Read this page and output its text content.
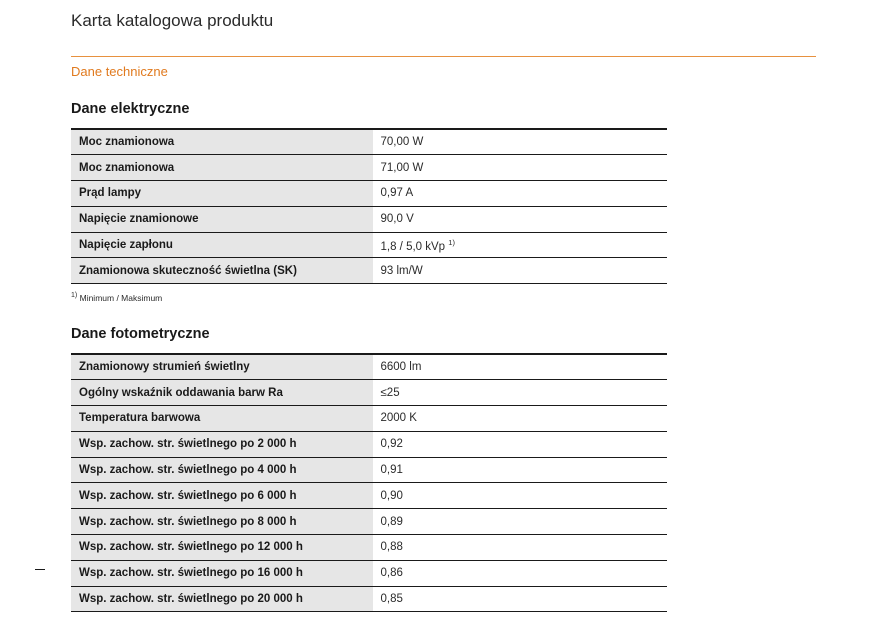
Karta katalogowa produktu
Dane techniczne
Dane elektryczne
Moc znamionowa	70,00 W
Moc znamionowa	71,00 W
Prąd lampy	0,97 A
Napięcie znamionowe	90,0 V
Napięcie zapłonu	1,8 / 5,0 kVp $^{1)}$
Znamionowa skuteczność świetlna (SK)	93 lm/W
$^{1)}$ Minimum / Maksimum
Dane fotometryczne
Znamionowy strumień świetlny	6600 lm
Ogólny wskaźnik oddawania barw Ra	≤25
Temperatura barwowa	2000 K
Wsp. zachow. str. świetlnego po 2 000 h	0,92
Wsp. zachow. str. świetlnego po 4 000 h	0,91
Wsp. zachow. str. świetlnego po 6 000 h	0,90
Wsp. zachow. str. świetlnego po 8 000 h	0,89
Wsp. zachow. str. świetlnego po 12 000 h	0,88
Wsp. zachow. str. świetlnego po 16 000 h	0,86
Wsp. zachow. str. świetlnego po 20 000 h	0,85
